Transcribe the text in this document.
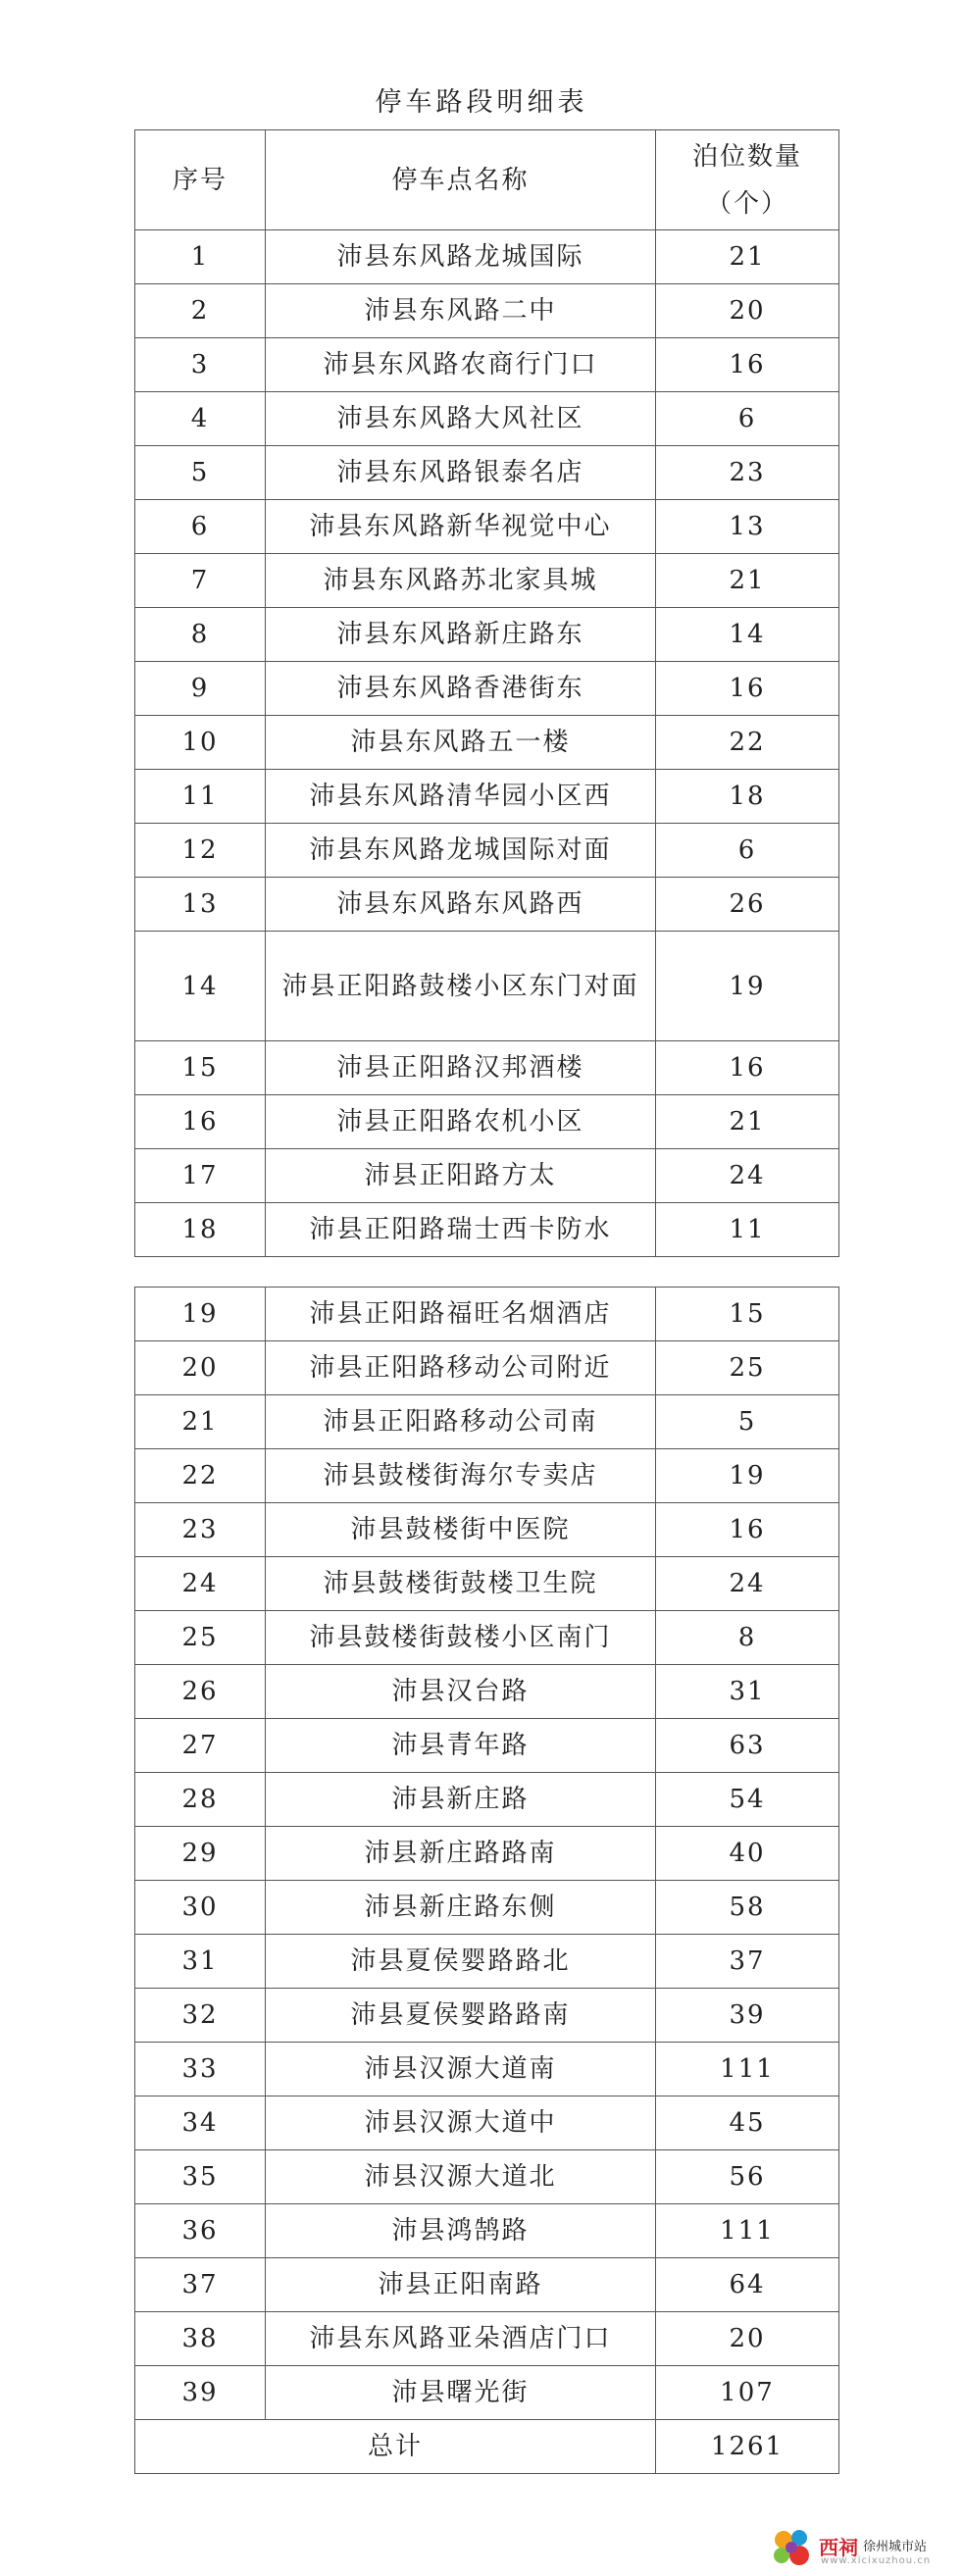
停车路段明细表
序号	停车点名称	泊位数量（个）
1	沛县东风路龙城国际	21
2	沛县东风路二中	20
3	沛县东风路农商行门口	16
4	沛县东风路大风社区	6
5	沛县东风路银泰名店	23
6	沛县东风路新华视觉中心	13
7	沛县东风路苏北家具城	21
8	沛县东风路新庄路东	14
9	沛县东风路香港街东	16
10	沛县东风路五一楼	22
11	沛县东风路清华园小区西	18
12	沛县东风路龙城国际对面	6
13	沛县东风路东风路西	26
14	沛县正阳路鼓楼小区东门对面	19
15	沛县正阳路汉邦酒楼	16
16	沛县正阳路农机小区	21
17	沛县正阳路方太	24
18	沛县正阳路瑞士西卡防水	11
19	沛县正阳路福旺名烟酒店	15
20	沛县正阳路移动公司附近	25
21	沛县正阳路移动公司南	5
22	沛县鼓楼街海尔专卖店	19
23	沛县鼓楼街中医院	16
24	沛县鼓楼街鼓楼卫生院	24
25	沛县鼓楼街鼓楼小区南门	8
26	沛县汉台路	31
27	沛县青年路	63
28	沛县新庄路	54
29	沛县新庄路路南	40
30	沛县新庄路东侧	58
31	沛县夏侯婴路路北	37
32	沛县夏侯婴路路南	39
33	沛县汉源大道南	111
34	沛县汉源大道中	45
35	沛县汉源大道北	56
36	沛县鸿鹄路	111
37	沛县正阳南路	64
38	沛县东风路亚朵酒店门口	20
39	沛县曙光街	107
总计		1261
西祠 徐州城市站
www.xicixuzhou.cn
